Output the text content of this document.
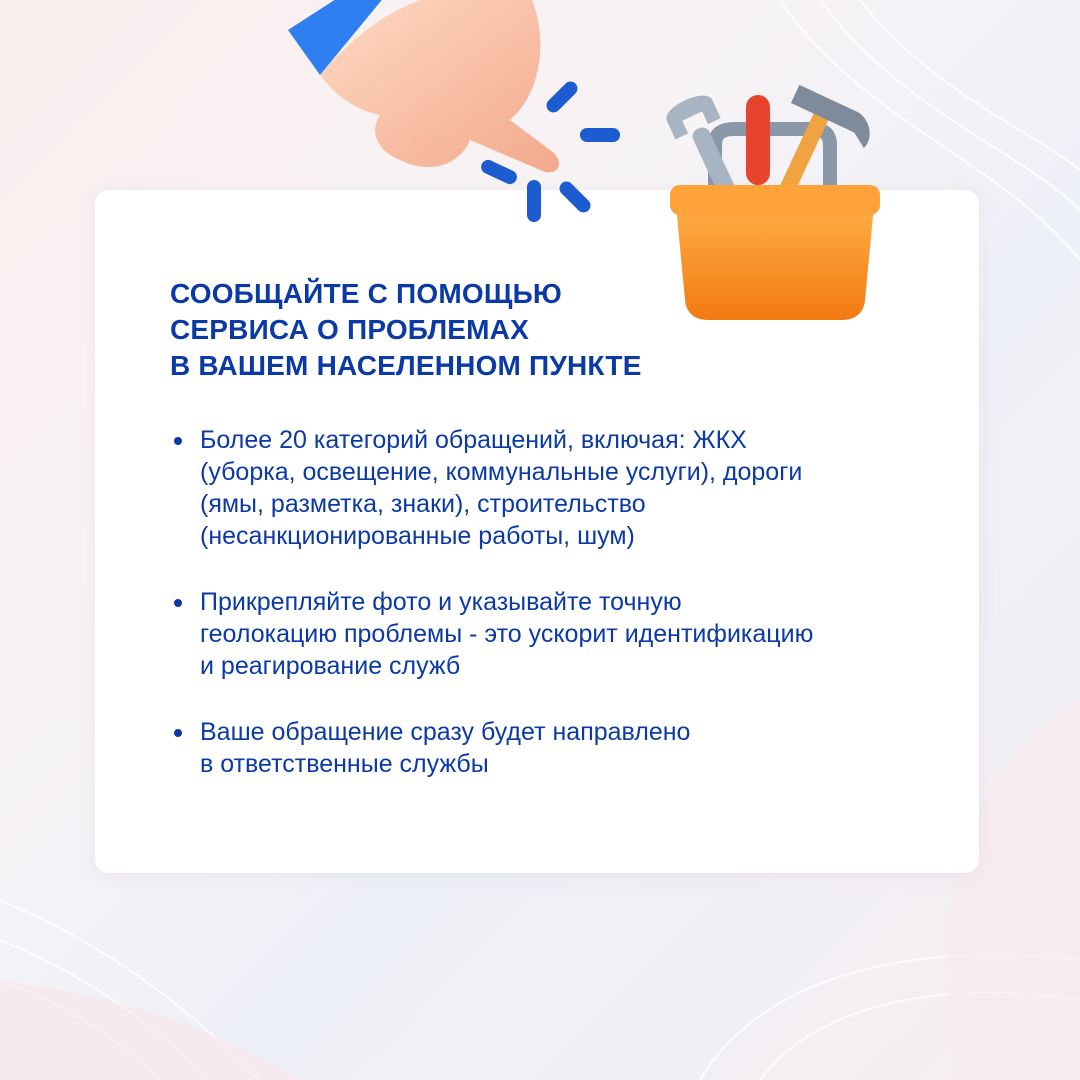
СООБЩАЙТЕ С ПОМОЩЬЮ
СЕРВИСА О ПРОБЛЕМАХ
В ВАШЕМ НАСЕЛЕННОМ ПУНКТЕ
Более 20 категорий обращений, включая: ЖКХ
(уборка, освещение, коммунальные услуги), дороги
(ямы, разметка, знаки), строительство
(несанкционированные работы, шум)
Прикрепляйте фото и указывайте точную
геолокацию проблемы - это ускорит идентификацию
и реагирование служб
Ваше обращение сразу будет направлено
в ответственные службы
